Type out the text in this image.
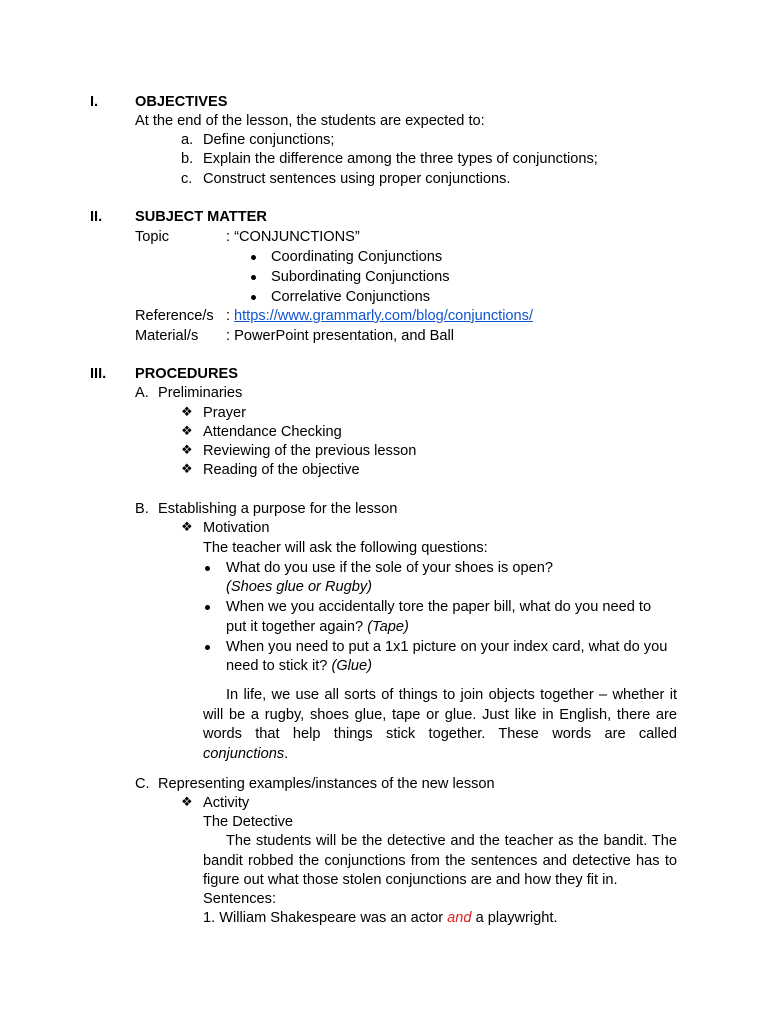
I.	OBJECTIVES
At the end of the lesson, the students are expected to:
a. Define conjunctions;
b. Explain the difference among the three types of conjunctions;
c. Construct sentences using proper conjunctions.
II. SUBJECT MATTER
Topic	: “CONJUNCTIONS”
Coordinating Conjunctions
Subordinating Conjunctions
Correlative Conjunctions
Reference/s : https://www.grammarly.com/blog/conjunctions/
Material/s : PowerPoint presentation, and Ball
III. PROCEDURES
A. Preliminaries
❖ Prayer
❖ Attendance Checking
❖ Reviewing of the previous lesson
❖ Reading of the objective
B. Establishing a purpose for the lesson
❖ Motivation
The teacher will ask the following questions:
What do you use if the sole of your shoes is open?
(Shoes glue or Rugby)
When we you accidentally tore the paper bill, what do you need to
put it together again? (Tape)
When you need to put a 1x1 picture on your index card, what do you
need to stick it? (Glue)
In life, we use all sorts of things to join objects together – whether it
will be a rugby, shoes glue, tape or glue. Just like in English, there are
words that help things stick together. These words are called
conjunctions.
C. Representing examples/instances of the new lesson
❖ Activity
The Detective
The students will be the detective and the teacher as the bandit. The
bandit robbed the conjunctions from the sentences and detective has to
figure out what those stolen conjunctions are and how they fit in.
Sentences:
1. William Shakespeare was an actor and a playwright.
